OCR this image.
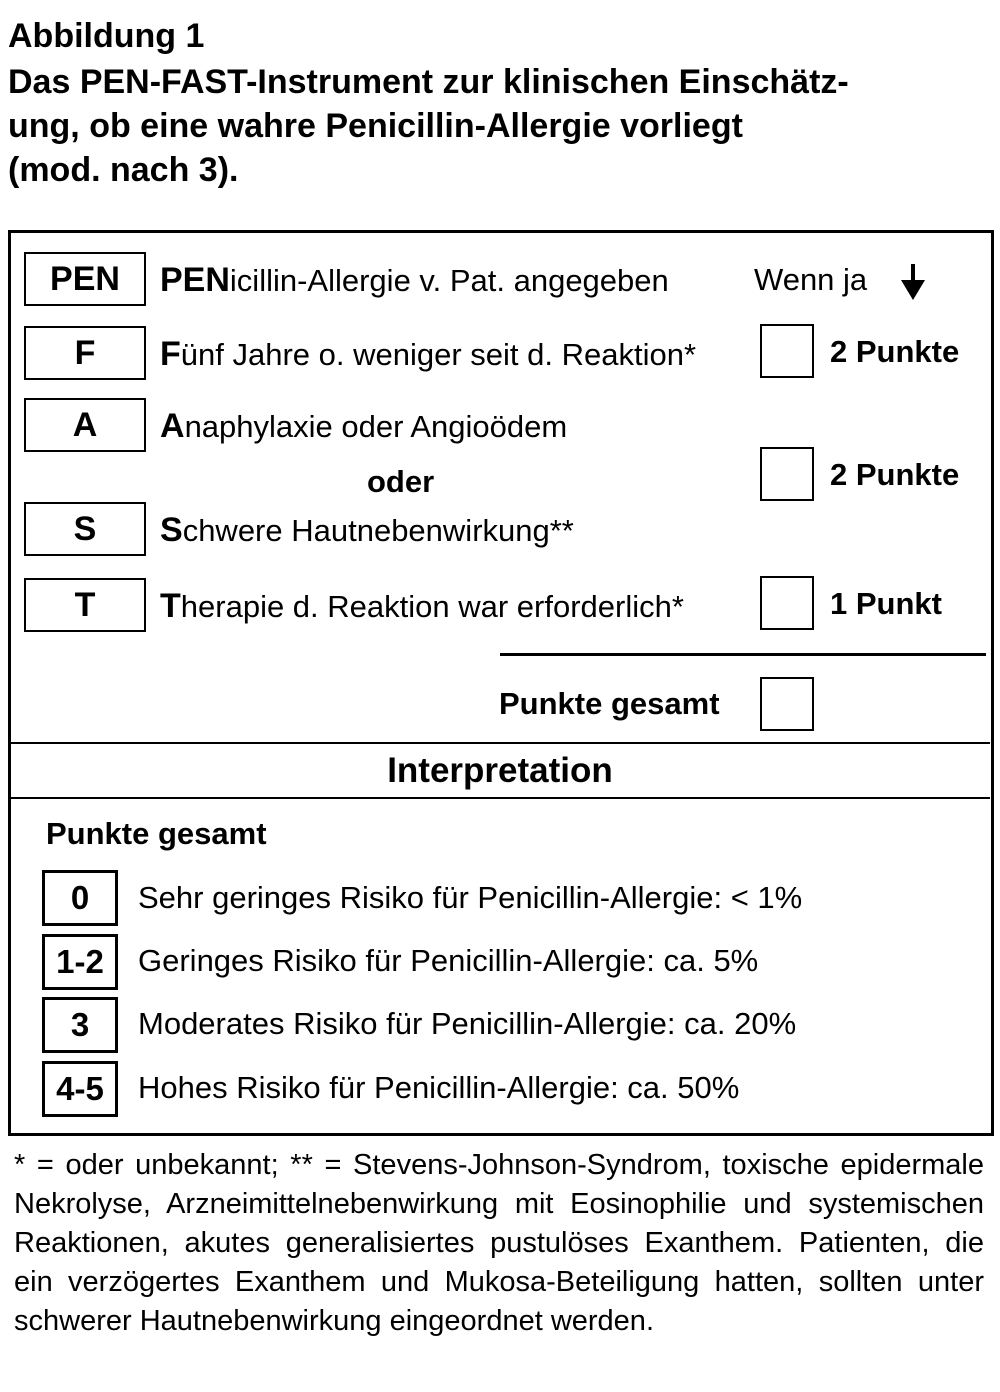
Abbildung 1
Das PEN-FAST-Instrument zur klinischen Einschätz-
ung, ob eine wahre Penicillin-Allergie vorliegt
(mod. nach 3).
PEN PENicillin-Allergie v. Pat. angegeben	Wenn ja
F Fünf Jahre o. weniger seit d. Reaktion*	2 Punkte
A Anaphylaxie oder Angioödem
oder	2 Punkte
S Schwere Hautnebenwirkung**
T Therapie d. Reaktion war erforderlich*	1 Punkt
Punkte gesamt
Interpretation
Punkte gesamt
0 Sehr geringes Risiko für Penicillin-Allergie: < 1%
1-2 Geringes Risiko für Penicillin-Allergie: ca. 5%
3 Moderates Risiko für Penicillin-Allergie: ca. 20%
4-5 Hohes Risiko für Penicillin-Allergie: ca. 50%
* = oder unbekannt; ** = Stevens-Johnson-Syndrom, toxische epidermale Nekrolyse, Arzneimittelnebenwirkung mit Eosinophilie und systemischen Reaktionen, akutes generalisiertes pustulöses Exanthem. Patienten, die ein verzögertes Exanthem und Mukosa-Beteiligung hatten, sollten unter schwerer Hautnebenwirkung eingeordnet werden.
